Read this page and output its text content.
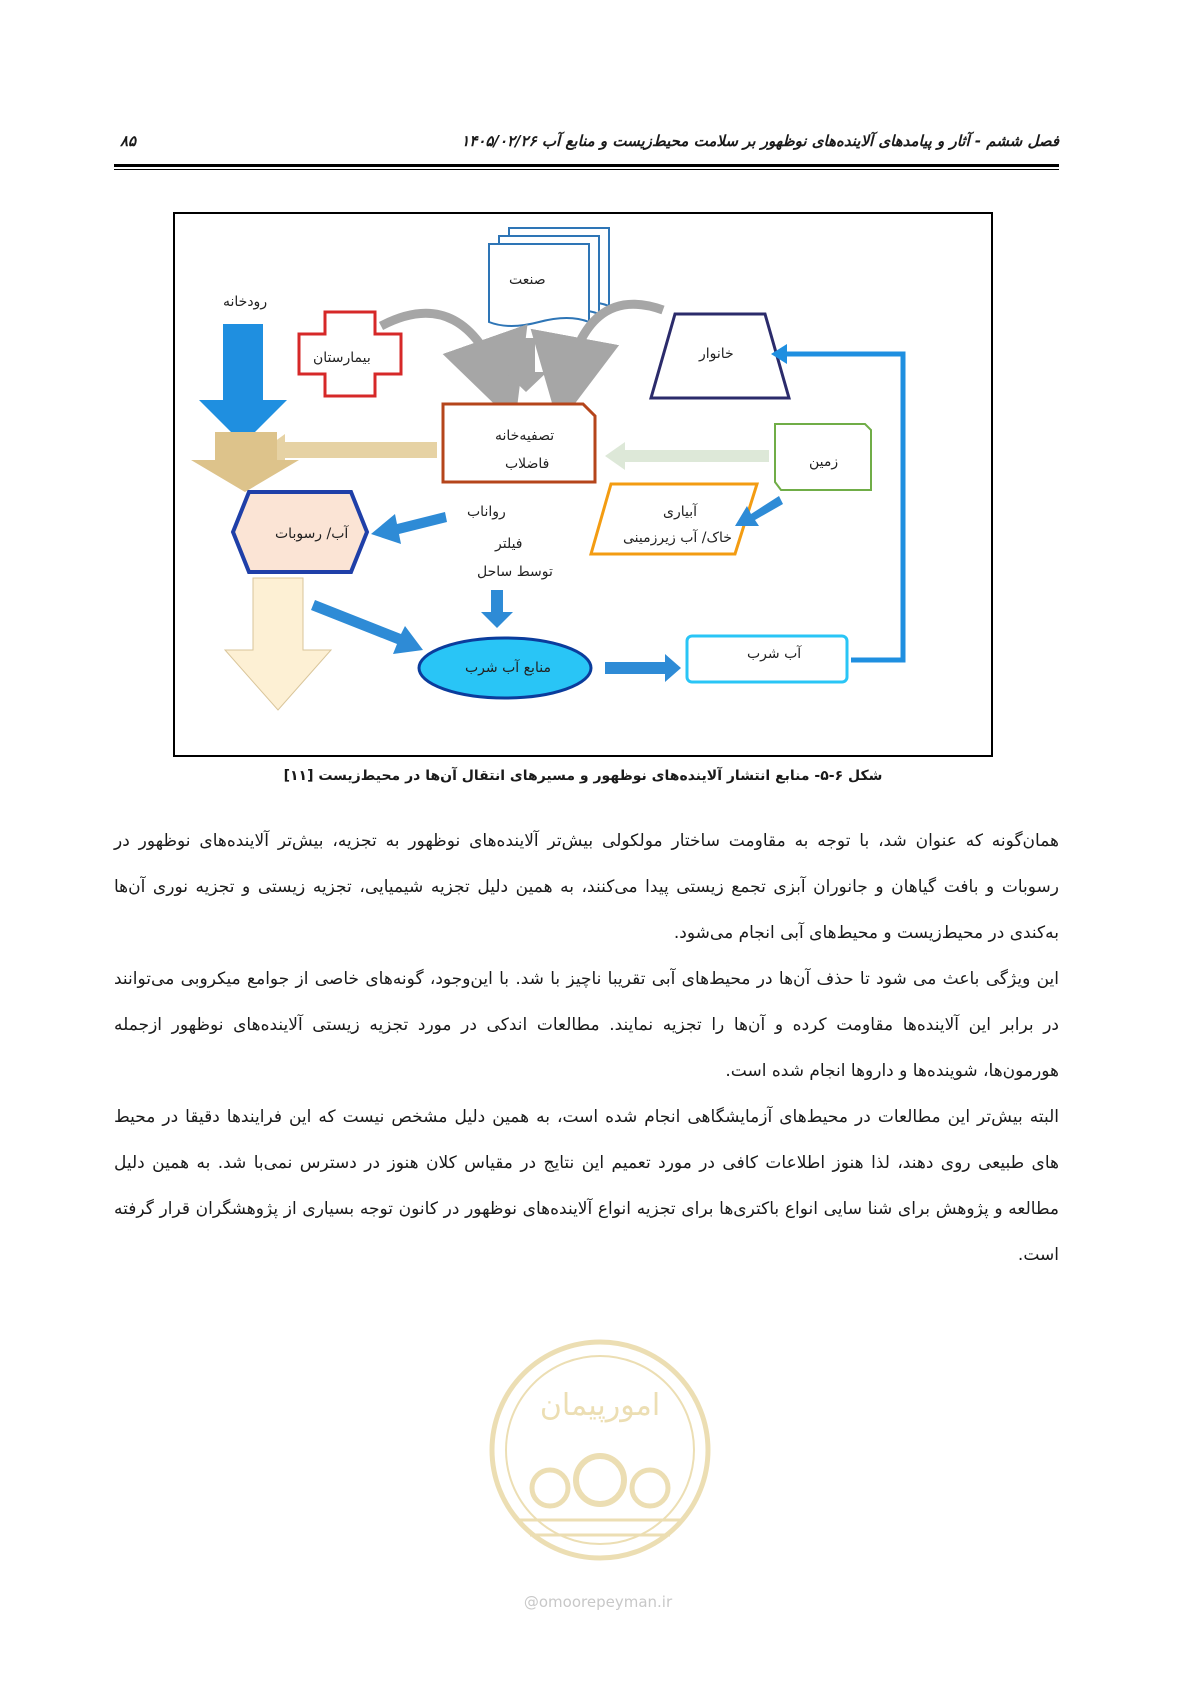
فصل ششم - آثار و پیامدهای آلاینده‌های نوظهور بر سلامت محیط‌زیست و منابع آب ۱۴۰۵/۰۲/۲۶
۸۵
صنعت
رودخانه
بیمارستان	خانوار
تصفیه‌خانه
فاضلاب	زمین
رواناب
آب/ رسوبات
آبیاری
خاک/ آب زیرزمینی
فیلتر
توسط ساحل
منابع آب شرب
آب شرب
شکل ۶-۵- منابع انتشار آلاینده‌های نوظهور و مسیرهای انتقال آن‌ها در محیط‌زیست [۱۱]

همان‌گونه که عنوان شد، با توجه به مقاومت ساختار مولکولی بیش‌تر آلاینده‌های نوظهور به تجزیه، بیش‌تر آلاینده‌های نوظهور در رسوبات و بافت گیاهان و جانوران آبزی تجمع زیستی پیدا می‌کنند، به همین دلیل تجزیه شیمیایی، تجزیه زیستی و تجزیه نوری آن‌ها به‌کندی در محیط‌زیست و محیط‌های آبی انجام می‌شود.

این ویژگی باعث می شود تا حذف آن‌ها در محیط‌های آبی تقریبا ناچیز با شد. با این‌وجود، گونه‌های خاصی از جوامع میکروبی می‌توانند در برابر این آلاینده‌ها مقاومت کرده و آن‌ها را تجزیه نمایند. مطالعات اندکی در مورد تجزیه زیستی آلاینده‌های نوظهور ازجمله هورمون‌ها، شوینده‌ها و داروها انجام شده است.

البته بیش‌تر این مطالعات در محیط‌های آزمایشگاهی انجام شده است، به همین دلیل مشخص نیست که این فرایندها دقیقا در محیط های طبیعی روی دهند، لذا هنوز اطلاعات کافی در مورد تعمیم این نتایج در مقیاس کلان هنوز در دسترس نمی‌با شد. به همین دلیل مطالعه و پژوهش برای شنا سایی انواع باکتری‌ها برای تجزیه انواع آلاینده‌های نوظهور در کانون توجه بسیاری از پژوهشگران قرار گرفته است.

امورپیمان
@omoorepeyman.ir
